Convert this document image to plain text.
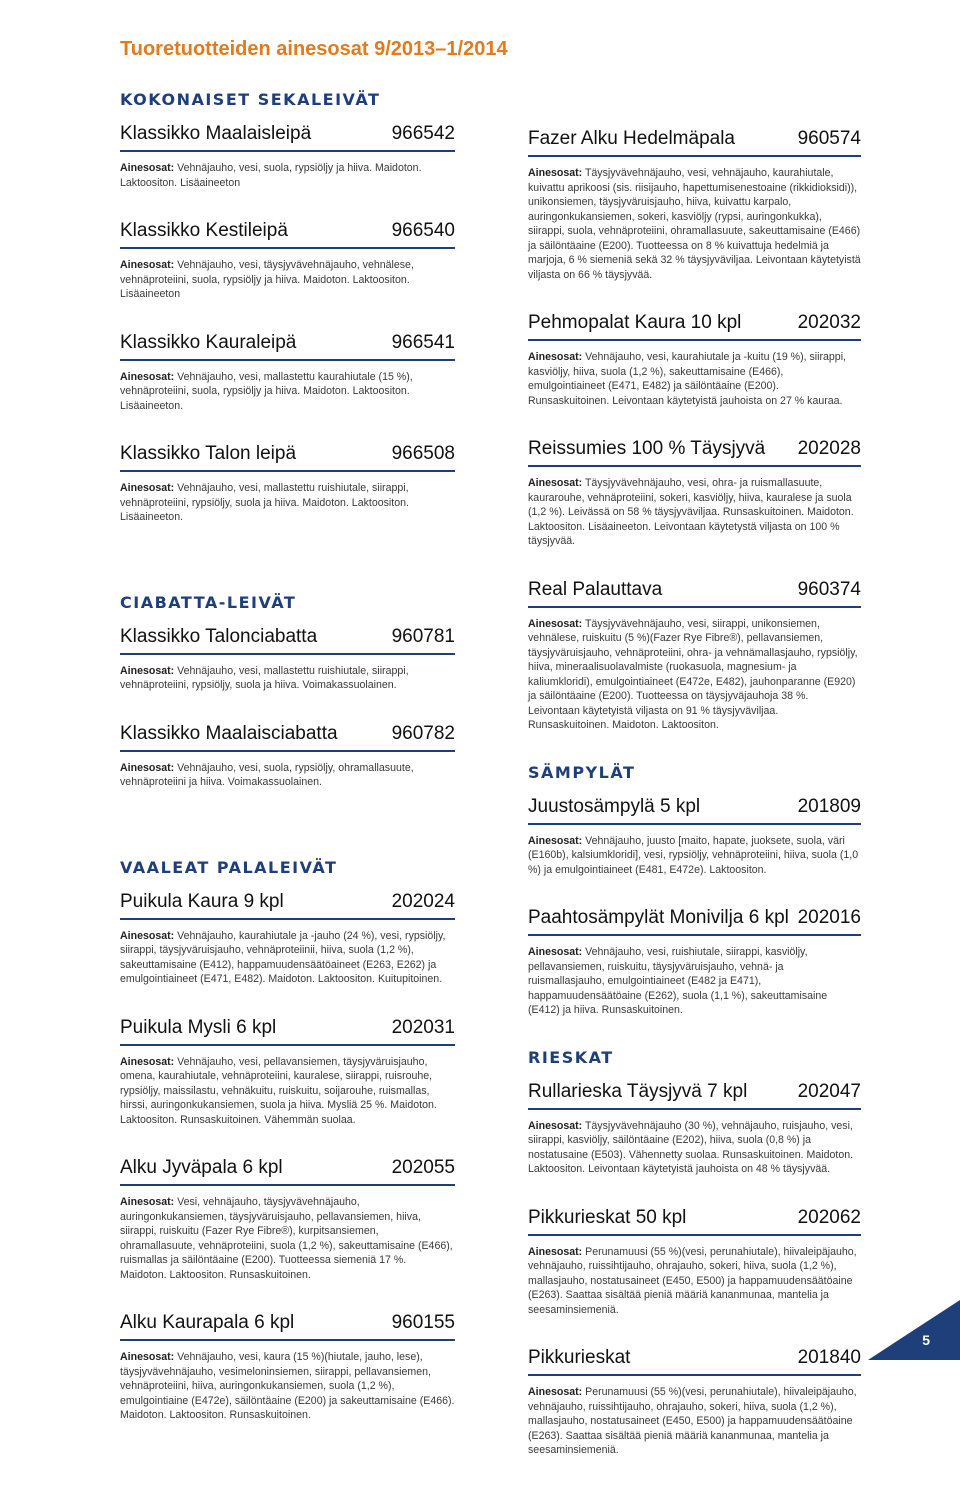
Tuoretuotteiden ainesosat 9/2013–1/2014
KOKONAISET SEKALEIVÄT
Klassikko Maalaisleipä	966542

Ainesosat: Vehnäjauho, vesi, suola, rypsiöljy ja hiiva. Maidoton. Laktoositon. Lisäaineeton

Klassikko Kestileipä	966540

Ainesosat: Vehnäjauho, vesi, täysjyvävehnäjauho, vehnälese, vehnäproteiini, suola, rypsiöljy ja hiiva. Maidoton. Laktoositon. Lisäaineeton

Klassikko Kauraleipä	966541

Ainesosat: Vehnäjauho, vesi, mallastettu kaurahiutale (15 %), vehnäproteiini, suola, rypsiöljy ja hiiva. Maidoton. Laktoositon. Lisäaineeton.

Klassikko Talon leipä	966508

Ainesosat: Vehnäjauho, vesi, mallastettu ruishiutale, siirappi, vehnäproteiini, rypsiöljy, suola ja hiiva. Maidoton. Laktoositon. Lisäaineeton.

CIABATTA-LEIVÄT
Klassikko Talonciabatta	960781

Ainesosat: Vehnäjauho, vesi, mallastettu ruishiutale, siirappi, vehnäproteiini, rypsiöljy, suola ja hiiva. Voimakassuolainen.

Klassikko Maalaisciabatta	960782

Ainesosat: Vehnäjauho, vesi, suola, rypsiöljy, ohramallasuute, vehnäproteiini ja hiiva. Voimakassuolainen.

VAALEAT PALALEIVÄT
Puikula Kaura 9 kpl	202024

Ainesosat: Vehnäjauho, kaurahiutale ja -jauho (24 %), vesi, rypsiöljy, siirappi, täysjyväruisjauho, vehnäproteiinii, hiiva, suola (1,2 %), sakeuttamisaine (E412), happamuudensäätöaineet (E263, E262) ja emulgointiaineet (E471, E482). Maidoton. Laktoositon. Kuitupitoinen.

Puikula Mysli 6 kpl	202031

Ainesosat: Vehnäjauho, vesi, pellavansiemen, täysjyväruisjauho, omena, kaurahiutale, vehnäproteiini, kauralese, siirappi, ruisrouhe, rypsiöljy, maissilastu, vehnäkuitu, ruiskuitu, soijarouhe, ruismallas, hirssi, auringonkukansiemen, suola ja hiiva. Mysliä 25 %. Maidoton. Laktoositon. Runsaskuitoinen. Vähemmän suolaa.

Alku Jyväpala 6 kpl	202055

Ainesosat: Vesi, vehnäjauho, täysjyvävehnäjauho, auringonkukansiemen, täysjyväruisjauho, pellavansiemen, hiiva, siirappi, ruiskuitu (Fazer Rye Fibre®), kurpitsansiemen, ohramallasuute, vehnäproteiini, suola (1,2 %), sakeuttamisaine (E466), ruismallas ja säilöntäaine (E200). Tuotteessa siemeniä 17 %. Maidoton. Laktoositon. Runsaskuitoinen.

Alku Kaurapala 6 kpl	960155

Ainesosat: Vehnäjauho, vesi, kaura (15 %)(hiutale, jauho, lese), täysjyvävehnäjauho, vesimeloninsiemen, siirappi, pellavansiemen, vehnäproteiini, hiiva, auringonkukansiemen, suola (1,2 %), emulgointiaine (E472e), säilöntäaine (E200) ja sakeuttamisaine (E466). Maidoton. Laktoositon. Runsaskuitoinen.

Fazer Alku Hedelmäpala	960574

Ainesosat: Täysjyvävehnäjauho, vesi, vehnäjauho, kaurahiutale, kuivattu aprikoosi (sis. riisijauho, hapettumisenestoaine (rikkidioksidi)), unikonsiemen, täysjyväruisjauho, hiiva, kuivattu karpalo, auringonkukansiemen, sokeri, kasviöljy (rypsi, auringonkukka), siirappi, suola, vehnäproteiini, ohramallasuute, sakeuttamisaine (E466) ja säilöntäaine (E200). Tuotteessa on 8 % kuivattuja hedelmiä ja marjoja, 6 % siemeniä sekä 32 % täysjyväviljaa. Leivontaan käytetyistä viljasta on 66 % täysjyvää.

Pehmopalat Kaura 10 kpl	202032

Ainesosat: Vehnäjauho, vesi, kaurahiutale ja -kuitu (19 %), siirappi, kasviöljy, hiiva, suola (1,2 %), sakeuttamisaine (E466), emulgointiaineet (E471, E482) ja säilöntäaine (E200). Runsaskuitoinen. Leivontaan käytetyistä jauhoista on 27 % kauraa.

Reissumies 100 % Täysjyvä 202028

Ainesosat: Täysjyvävehnäjauho, vesi, ohra- ja ruismallasuute, kaurarouhe, vehnäproteiini, sokeri, kasviöljy, hiiva, kauralese ja suola (1,2 %). Leivässä on 58 % täysjyväviljaa. Runsaskuitoinen. Maidoton. Laktoositon. Lisäaineeton. Leivontaan käytetystä viljasta on 100 % täysjyvää.

Real Palauttava	960374

Ainesosat: Täysjyvävehnäjauho, vesi, siirappi, unikonsiemen, vehnälese, ruiskuitu (5 %)(Fazer Rye Fibre®), pellavansiemen, täysjyväruisjauho, vehnäproteiini, ohra- ja vehnämallasjauho, rypsiöljy, hiiva, mineraalisuolavalmiste (ruokasuola, magnesium- ja kaliumkloridi), emulgointiaineet (E472e, E482), jauhonparanne (E920) ja säilöntäaine (E200). Tuotteessa on täysjyväjauhoja 38 %. Leivontaan käytetyistä viljasta on 91 % täysjyväviljaa. Runsaskuitoinen. Maidoton. Laktoositon.

SÄMPYLÄT
Juustosämpylä 5 kpl	201809

Ainesosat: Vehnäjauho, juusto [maito, hapate, juoksete, suola, väri (E160b), kalsiumkloridi], vesi, rypsiöljy, vehnäproteiini, hiiva, suola (1,0 %) ja emulgointiaineet (E481, E472e). Laktoositon.

Paahtosämpylät Monivilja 6 kpl 202016

Ainesosat: Vehnäjauho, vesi, ruishiutale, siirappi, kasviöljy, pellavansiemen, ruiskuitu, täysjyväruisjauho, vehnä- ja ruismallasjauho, emulgointiaineet (E482 ja E471), happamuudensäätöaine (E262), suola (1,1 %), sakeuttamisaine (E412) ja hiiva. Runsaskuitoinen.

RIESKAT
Rullarieska Täysjyvä 7 kpl	202047

Ainesosat: Täysjyvävehnäjauho (30 %), vehnäjauho, ruisjauho, vesi, siirappi, kasviöljy, säilöntäaine (E202), hiiva, suola (0,8 %) ja nostatusaine (E503). Vähennetty suolaa. Runsaskuitoinen. Maidoton. Laktoositon. Leivontaan käytetyistä jauhoista on 48 % täysjyvää.

Pikkurieskat 50 kpl	202062

Ainesosat: Perunamuusi (55 %)(vesi, perunahiutale), hiivaleipäjauho, vehnäjauho, ruissihtijauho, ohrajauho, sokeri, hiiva, suola (1,2 %), mallasjauho, nostatusaineet (E450, E500) ja happamuudensäätöaine (E263). Saattaa sisältää pieniä määriä kananmunaa, mantelia ja seesaminsiemeniä.

Pikkurieskat	201840

Ainesosat: Perunamuusi (55 %)(vesi, perunahiutale), hiivaleipäjauho, vehnäjauho, ruissihtijauho, ohrajauho, sokeri, hiiva, suola (1,2 %), mallasjauho, nostatusaineet (E450, E500) ja happamuudensäätöaine (E263). Saattaa sisältää pieniä määriä kananmunaa, mantelia ja seesaminsiemeniä.

5
